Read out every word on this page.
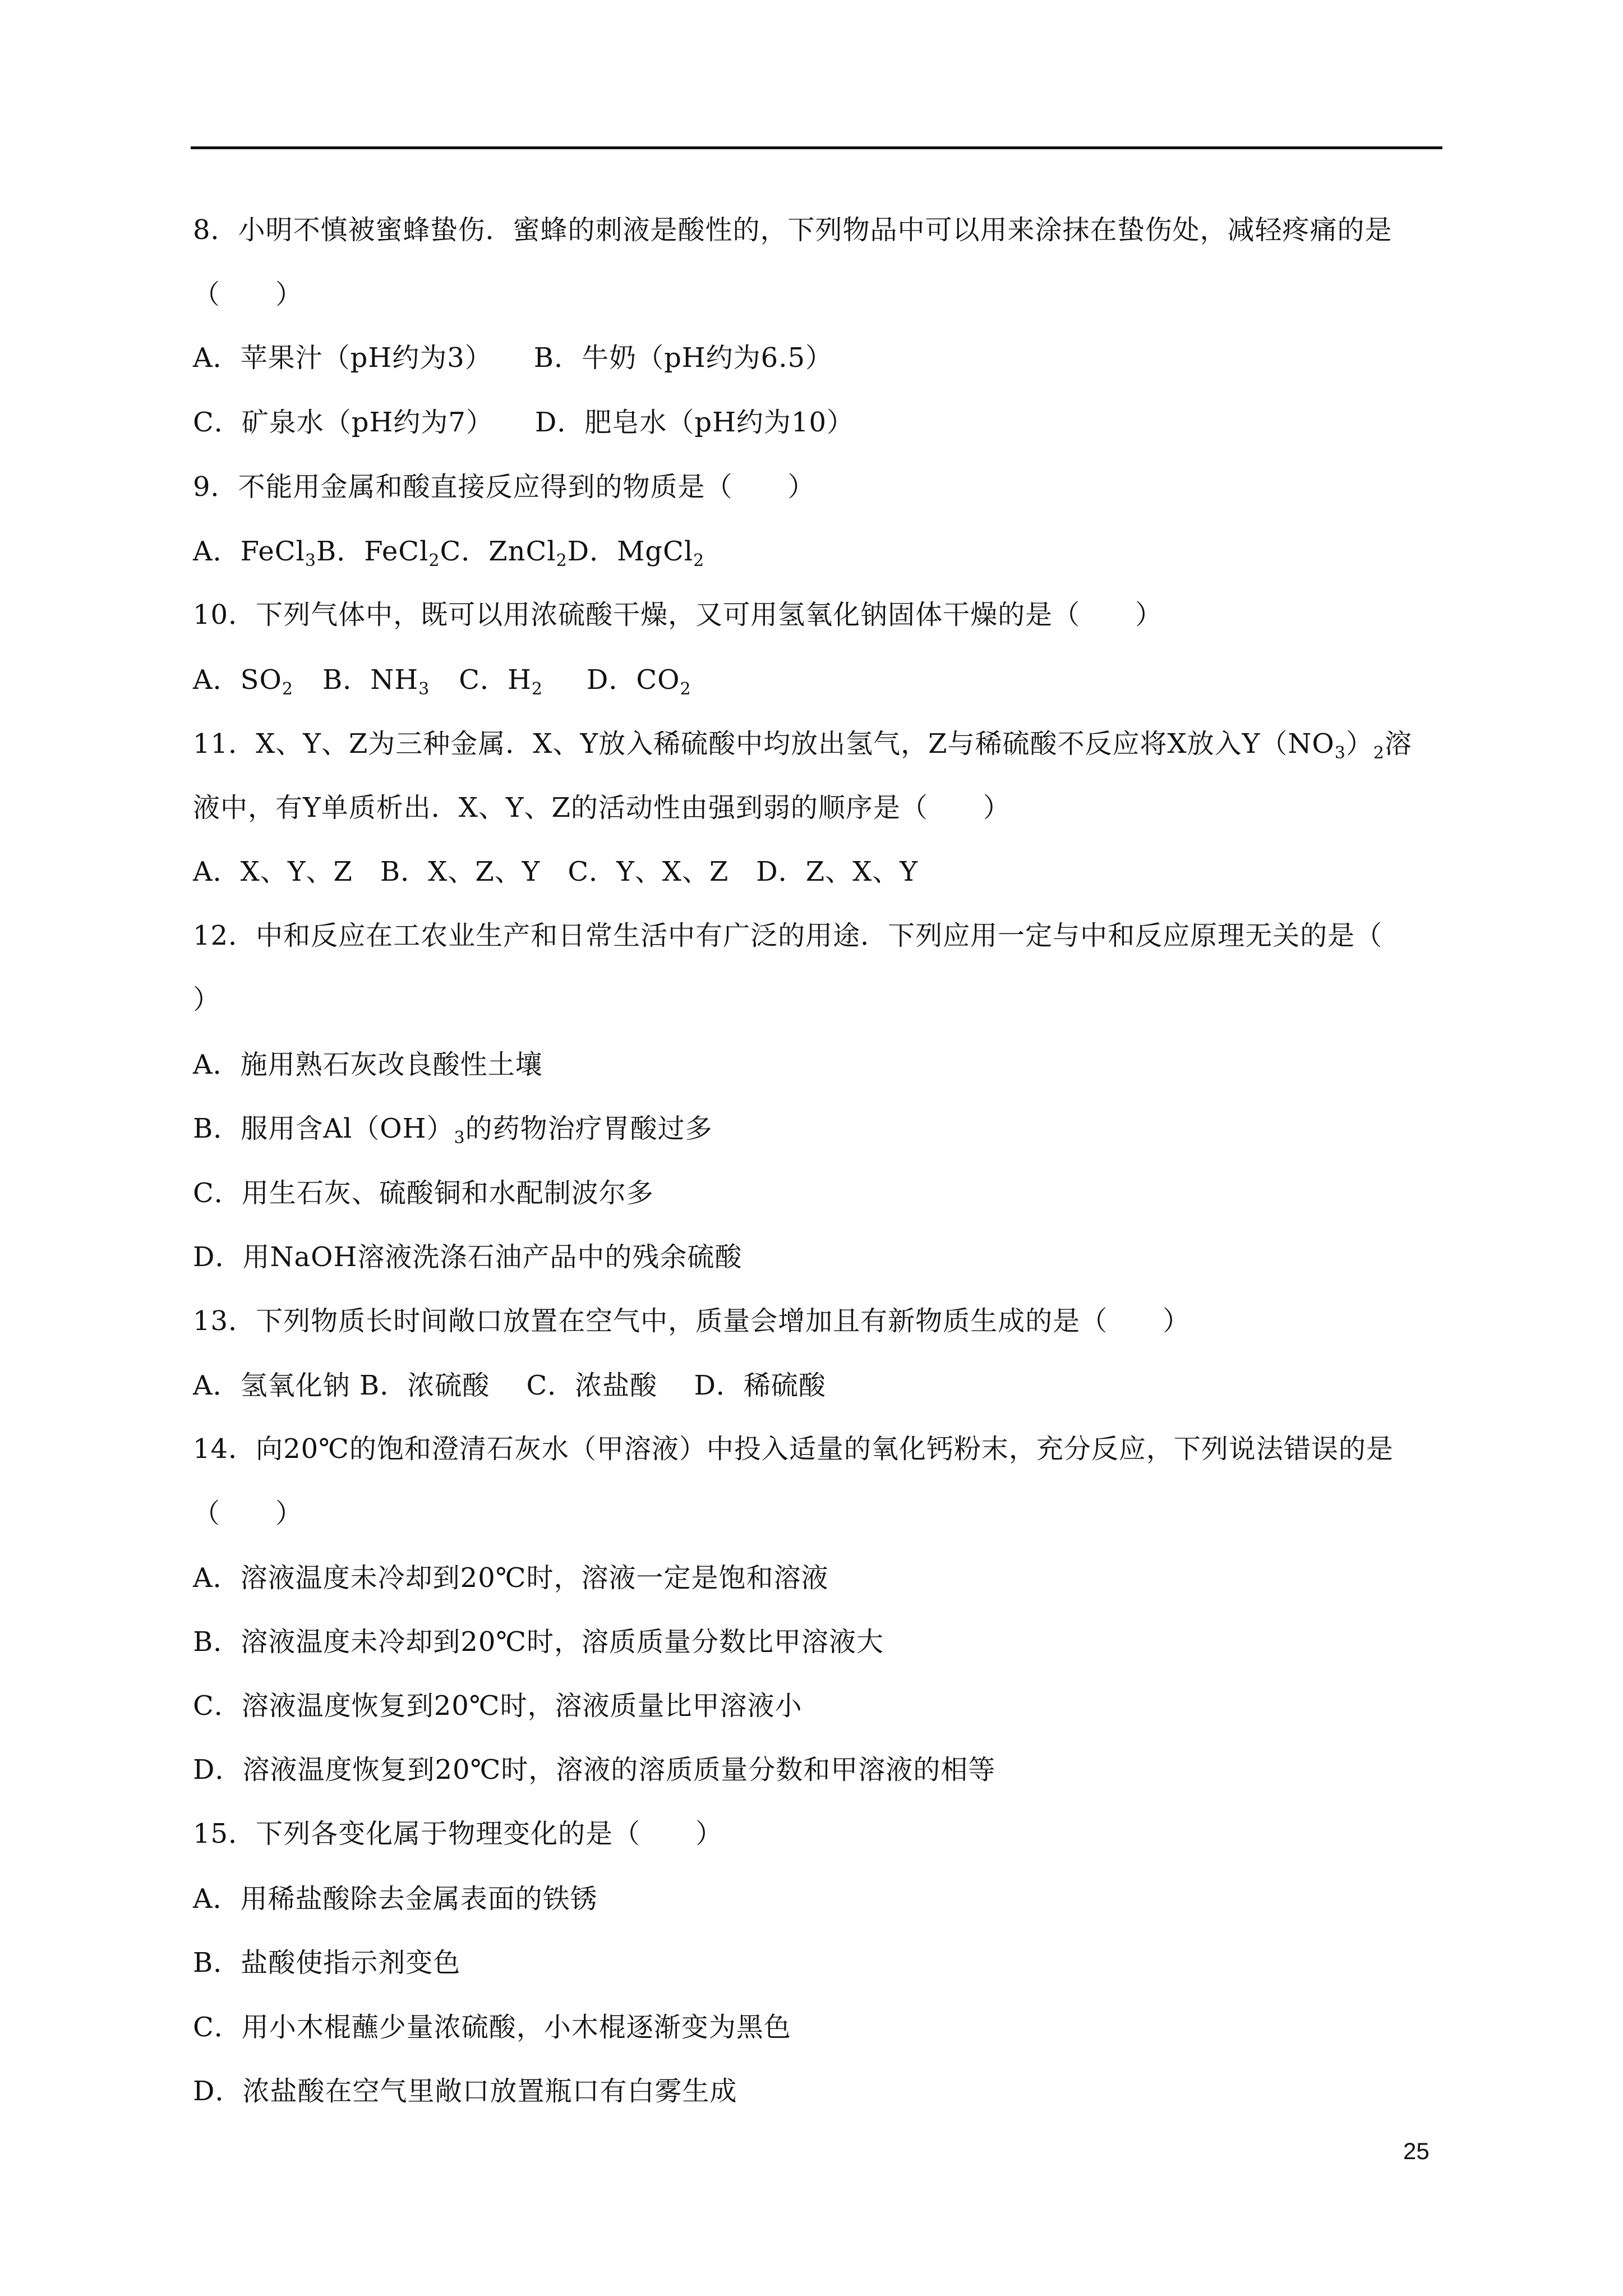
8．小明不慎被蜜蜂蛰伤．蜜蜂的刺液是酸性的，下列物品中可以用来涂抹在蛰伤处，减轻疼痛的是
（　　）
A．苹果汁（pH约为3）　　B．牛奶（pH约为6.5）
C．矿泉水（pH约为7）　　D．肥皂水（pH约为10）
9．不能用金属和酸直接反应得到的物质是（　　）
A．FeCl$_3$B．FeCl$_2$C．ZnCl$_2$D．MgCl$_2$
10．下列气体中，既可以用浓硫酸干燥，又可用氢氧化钠固体干燥的是（　　）
A．$SO_2$ B．$NH_3$ C．$H_2$ D．$CO_2$
11．X、Y、Z为三种金属．X、Y放入稀硫酸中均放出氢气，Z与稀硫酸不反应将X放入$Y(NO_3)_2$溶
液中，有Y单质析出．X、Y、Z的活动性由强到弱的顺序是（　　）
A．X、Y、Z　B．X、Z、Y　C．Y、X、Z　D．Z、X、Y
12．中和反应在工农业生产和日常生活中有广泛的用途．下列应用一定与中和反应原理无关的是（
）
A．施用熟石灰改良酸性土壤
B．服用含$Al(OH)_3$的药物治疗胃酸过多
C．用生石灰、硫酸铜和水配制波尔多
D．用NaOH溶液洗涤石油产品中的残余硫酸
13．下列物质长时间敞口放置在空气中，质量会增加且有新物质生成的是（　　）
A．氢氧化钠 B．浓硫酸　 C．浓盐酸　 D．稀硫酸
14．向20℃的饱和澄清石灰水（甲溶液）中投入适量的氧化钙粉末，充分反应，下列说法错误的是
（　　）
A．溶液温度未冷却到20℃时，溶液一定是饱和溶液
B．溶液温度未冷却到20℃时，溶质质量分数比甲溶液大
C．溶液温度恢复到20℃时，溶液质量比甲溶液小
D．溶液温度恢复到20℃时，溶液的溶质质量分数和甲溶液的相等
15．下列各变化属于物理变化的是（　　）
A．用稀盐酸除去金属表面的铁锈
B．盐酸使指示剂变色
C．用小木棍蘸少量浓硫酸，小木棍逐渐变为黑色
D．浓盐酸在空气里敞口放置瓶口有白雾生成
25
